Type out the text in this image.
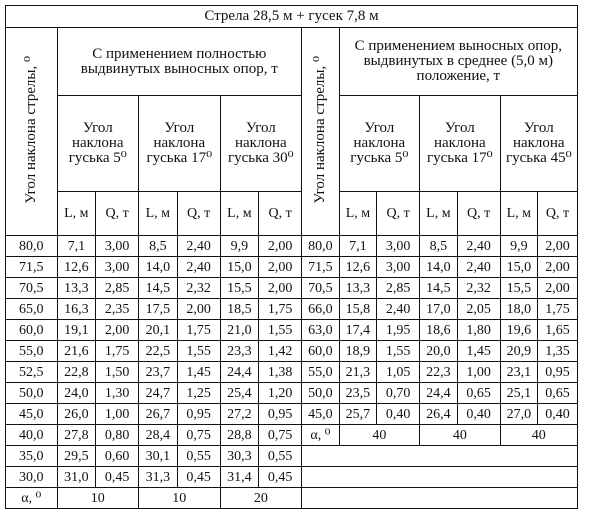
Стрела 28,5 м + гусек 7,8 м													
Угол наклона стрелы, ⁰	С применением полностью выдвинутых выносных опор, т						Угол наклона стрелы, ⁰	С применением выносных опор, выдвинутых в среднее (5,0 м) положение, т					
	Угол наклона гуська 5⁰		Угол наклона гуська 17⁰		Угол наклона гуська 30⁰			Угол наклона гуська 5⁰		Угол наклона гуська 17⁰		Угол наклона гуська 45⁰	
	L, м	Q, т	L, м	Q, т	L, м	Q, т		L, м	Q, т	L, м	Q, т	L, м	Q, т
80,0	7,1	3,00	8,5	2,40	9,9	2,00	80,0	7,1	3,00	8,5	2,40	9,9	2,00
71,5	12,6	3,00	14,0	2,40	15,0	2,00	71,5	12,6	3,00	14,0	2,40	15,0	2,00
70,5	13,3	2,85	14,5	2,32	15,5	2,00	70,5	13,3	2,85	14,5	2,32	15,5	2,00
65,0	16,3	2,35	17,5	2,00	18,5	1,75	66,0	15,8	2,40	17,0	2,05	18,0	1,75
60,0	19,1	2,00	20,1	1,75	21,0	1,55	63,0	17,4	1,95	18,6	1,80	19,6	1,65
55,0	21,6	1,75	22,5	1,55	23,3	1,42	60,0	18,9	1,55	20,0	1,45	20,9	1,35
52,5	22,8	1,50	23,7	1,45	24,4	1,38	55,0	21,3	1,05	22,3	1,00	23,1	0,95
50,0	24,0	1,30	24,7	1,25	25,4	1,20	50,0	23,5	0,70	24,4	0,65	25,1	0,65
45,0	26,0	1,00	26,7	0,95	27,2	0,95	45,0	25,7	0,40	26,4	0,40	27,0	0,40
40,0	27,8	0,80	28,4	0,75	28,8	0,75	α, ⁰	40		40		40	
35,0	29,5	0,60	30,1	0,55	30,3	0,55							
30,0	31,0	0,45	31,3	0,45	31,4	0,45							
α, ⁰	10		10		20								
